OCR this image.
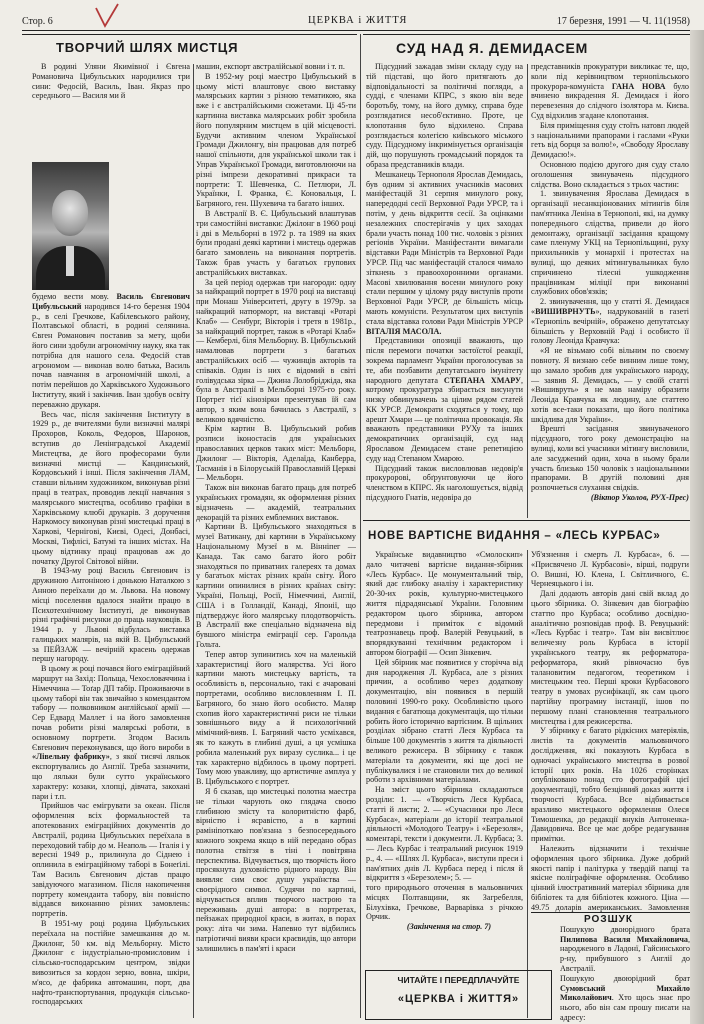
Стор. 6	ЦЕРКВА і ЖИТТЯ	17 березня, 1991 — Ч. 11(1958)
ТВОРЧИЙ ШЛЯХ МИСТЦЯ

В родині Уляни Якимівної і Євгена Романовича Цибульських народилися три сини: Федосій, Василь, Іван. Якраз про середнього — Василя ми й

будемо вести мову. Василь Євгенович Цибульський народився 14-го березня 1904 р., в селі Гречкове, Кабілевського району, Полтавської області, в родині селянина. Євген Романович поставив за мету, щоби його сини здобули агрономічну науку, яка так потрібна для нашого села. Федосій став агрономом — виконав волю батька, Василь почав навчання в агрономічній школі, а потім перейшов до Харківського Художнього Інституту, який і закінчив. Іван здобув освіту переважно друкаря.

Весь час, після закінчення Інституту в 1929 р., де вчителями були визначні малярі Прохоров, Коколь, Федоров, Шаронов, вступив до Ленінградської Академії Мистецтва, де його професорами були визначні мистці — Кандинський, Кордовський і інші. Після закінчення ЛАМ, ставши вільним художником, виконував різні праці в театрах, проводив лекції навчання з малярського мистецтва, особливо графіки в Харківському клюбі друкарів. З доручення Наркомосу виконував різні мистецькі праці в Харкові, Чернігові, Києві, Одесі, Донбасі, Москві, Тифлісі, Батумі та інших містах. На цьому відтинку праці працював аж до початку Другої Світової війни.

В 1943-му році Василь Євгенович із дружиною Антоніною і донькою Наталкою з Анною переїхали до м. Львова. На новому місці поселення вдалося знайти працю в Психотехнічному Інституті, де виконував різні графічні рисунки до праць науковців. В 1944 р. у Львові відбулась виставка галицьких малярів, на якій В. Цибульський за ПЕЙЗАЖ — вечірній красень одержав першу нагороду.

В цьому ж році почався його еміграційний маршрут на Захід: Польща, Чехословаччина і Німеччина — Тоґар ДП табір. Проживаючи в цьому таборі він так звичайно з комендантом табору — полковником англійської армії — Сер Едвард Маллет і на його замовлення почав робити різні малярські роботи, в основному портрети. Згодом Василь Євгенович переконувався, що його вироби в «Лівельну фабрику», з якої тисячі ляльок експортувались до Англії. Треба зазначити, що ляльки були сутто українського характеру: козаки, хлопці, дівчата, закохані пари і т.п.

Прийшов час емігрувати за океан. Після оформлення всіх формальностей та апотекованих еміграційних документів до Австралії, родина Цибульських переїхала в переходовий табір до м. Неаполь — Італія і у вересні 1949 р., прилинула до Сіднею і оплинила в еміграційному таборі в Бонеґілі. Там Василь Євгенович дістав працю завідуючого магазином. Після накопичення портрету коменданта табору, він повністю віддався виконанню різних замовлень: портретів.

В 1951-му році родина Цибульських переїхала на постійне замешкання до м. Джилонг, 50 км. від Мельборну. Місто Джилонг є індустріально-промисловим і сільсько-господарським центром, звідки вивозиться за кордон зерно, вовна, шкіри, м'ясо, де фабрика автомашин, порт, два нафто-транспортування, продукція сільсько-господарських

машин, експорт австралійської вовни і т. п.

В 1952-му році маестро Цибульський в цьому місті влаштовує свою виставку малярських картин з різною тематикою, яка вже і є австралійськими сюжетами. Ці 45-ти картинна виставка малярських робіт зробила його популярним мистцем в цій місцевості. Будучи активним членом Української Громади Джилонгу, він працював для потреб нашої спільноти, для української школи так і Управ Української Громади, виготовлюючи на різні імпрези декоративні прикраси та портрети: Т. Шевченка, С. Петлюри, Л. Українки, І. Франка, Є. Коновальця, І. Багряного, ген. Шухевича та багато інших.

В Австралії В. Є. Цибульський влаштував три самостійні виставки: Джілонг в 1960 році і дві в Мельборні в 1972 р. та 1989 на яких були продані деякі картини і мистець одержав багато замовлень на виконання портретів. Також брав участь у багатьох групових австралійських виставках.

За цей період одержав три нагороди: одну за найкращий портрет в 1970 році на виставці при Монаш Університеті, другу в 1979р. за найкращий натюрморт, на виставці «Ротарі Клаб» — Сенбург, Вікторія і третя в 1981р., за найкращий портрет, також в «Ротарі Клаб» — Кемберлі, біля Мельборну. В. Цибульський намалював портрети з багатьох австралійських осіб — чужинців акторів та співаків. Один із них є відомий в світі голівудська зірка — Джина Лолобріджіда, яка була в Австралії в Мельборні 1975-го року. Портрет тієї кінозірки презентував їй сам автор, з яким вона бачилась з Австралії, з великою вдячністю.

Крім картин В. Цибульський робив розписи іконостасів для українських православних церков таких міст: Мельборн, Джилонг — Вікторія, Аделаїда, Канберра, Тасманія і в Білоруській Православній Церкві — Мельборн.

Також він виконав багато праць для потреб українських громадян, як оформлення різних відзначень — академій, театральних декорацій та різних емблемних виставок.

Картини В. Цибульського знаходяться в музеї Ватикану, дві картини в Українському Національному Музеї в м. Вінніпег — Канада. Так само багато його робіт знаходяться по приватних галереях та домах у багатьох містах різних країн світу. Його картини опинилися в різних країнах світу: Україні, Польщі, Росії, Німеччині, Англії, США і в Голландії, Канаді, Японії, що підтверджує його малярську плодотворчість. В Австралії вже спеціально відзначена від бувшого міністра еміграції сер. Гарольда Гольта.

Тепер автор зупинитись хоч на маленькій характеристиці його малярства. Усі його картини мають мистецьку вартість, та особливість в, персонально, такі є ачаровані портретами, особливо висловленням І. П. Багряного, бо знаю його особисто. Маляр схопив його характеристичні риси не тільки зовнішнього виду а й психологічний мімічний-вияв. І. Багряний часто усміхався, як то кажуть в глибині душі, а ця усмішка робила маленький рух виразу суслика... і це так характерно відбилось в цьому портреті. Тому мою уважливу, що артистичне амплуа у В. Цибульського є портрет.

Я б сказав, що мистецькі полотна маестра не тільки чарують око глядача своєю глибиною змісту та колоритністю фарб, вірністю і ясравістю, а в картині рамініпоткаю пов'язана з безпосереднього кожного зокрема якщо в ній передано образ полотна ствітзя в тіні і повітряна перспектива. Відчувається, що творчість його просякнута духовністю рідного народу. Він виявляє сим своє душу українства — своєрідного символ. Судячи по картині, відчувається вплив творчого настрою та переживань душі автора: в портретах, пейзажах природної краси, в житах, в порах року: літа чи зима. Напевно тут відбились патріотичні вияви краси краєвидів, що автори залишились в пам'яті і краси

СУД НАД Я. ДЕМИДАСЕМ

Підсудний зажадав зміни складу суду на тій підставі, що його притягають до відповідальності за політичні погляди, а судді, є членами КПРС, з якою він веде боротьбу, тому, на його думку, справа буде розглядатися несоб'єктивно. Проте, це клопотання було відхилено. Справа розглядається колегією київського міського суду. Підсудному інкримінується організація дій, що порушують громадський порядок та образа представників влади.

Мешканець Тернополя Ярослав Демидась, був одним зі активних учасників масових маніфестацій 31 серпня минулого року, напередодні сесії Верховної Ради УРСР, та і потім, у день відкриття сесії. За оцінками незалежних спостерігачів у цих заходах брали участь понад 100 тис. чоловік з різних регіонів України. Маніфестанти вимагали відставки Ради Міністрів та Верховної Ради УРСР. Під час маніфестацій сталося чимало зіткнень з правоохоронними органами. Масові хвилювання восени минулого року стали першим у цілому ряду виступів проти Верховної Ради УРСР, де більшість місць мають комуністи. Результатом цих виступів стала відставка голови Ради Міністрів УРСР ВІТАЛІЯ МАСОЛА.

Представники опозиції вважають, що після перемоги початки застоїстої реакції, зокрема парламент України проголосував за те, аби позбавити депутатського імунітету народного депутата СТЕПАНА ХМАРУ, котрому прокуратура збирається висунути низку обвинувачень за цілим рядом статей КК УРСР. Демократи сходяться у тому, що арешт Хмари — це політична провокація. Як вважають представники РУХу та інших демократичних організацій, суд над Ярославом Демидасем стане репетицією суду над Степаном Хмарою.

Підсудний також висловлював недовір'я прокуророві, обґрунтовуючи це його членством в КПРС. Як наголошується, відвід підсудного Гнатів, недовіра до

представників прокуратури викликає те, що, коли під керівництвом тернопільського прокурора-комуніста ГАНА НОВА було вчинено викрадення Я. Демидася і його перевезення до слідчого ізолятора м. Києва. Суд відхилив згадане клопотання.

Біля приміщення суду стоїть натовп людей з національними прапорами і гаслами «Руки геть від борця за волю!», «Свободу Ярославу Демидасю!».

Основною подією другого дня суду стало оголошення звинувачень підсудного слідства. Воно складається з трьох частин:

1. звинувачення Ярослава Демидася в організації несанкціонованих мітингів біля пам'ятника Леніна в Тернополі, які, на думку попереднього слідства, привели до його демонтажу, організації засідання кращому саме пленуму УКЦ на Тернопільщині, руху прихильників у монархії і протестах на вулиці, що деяких мітингувальниках було спричинено тілесні ушкодження працівникам міліції при виконанні службових обов'язків;

2. звинувачення, що у статті Я. Демидася «ВИШИВРНУТЬ», надрукованій в газеті «Тернопіль вечірній», ображено депутатську більшість у Верховній Раді і особисто її голову Леоніда Кравчука:

«Я не візьмаю собі вільним по своєму повноту. Я визнаю себе винним лише тому, що замало зробив для українського народу, — заявив Я. Демидась, — у своїй статті «Вишивруть» я не мав наміру образити Леоніда Кравчука як людину, але статтею хотів все-таки показати, що його політика шкідлива для України».

Врешті засідання звинуваченого підсудного, того року демонстрацію на вулиці, коли всі учасники мітингу висловили, але засуджений один, хоча в ньому брали участь близько 150 чоловік з національними прапорами. В другій половині дня розпочнеться слухання свідків.

(Віктор Уколов, РУХ-Прес)

НОВЕ ВАРТІСНЕ ВИДАННЯ – «ЛЕСЬ КУРБАС»

Українське видавництво «Смолоскип» дало читачеві вартісне видання-збірник «Лесь Курбас». Це монументальний твір, який дає глибоку аналізу і характеристику 20-30-их років, культурно-мистецького життя підрадянської України. Головним редактором цього збірника, автором передмови і приміток є відомий театрознавець проф. Валерій Ревуцький, в впорядкуванні технічним редактором і автором біографії — Осип Зінкевич.

Цей збірник має появитися у сторічча від дня народження Л. Курбаса, але з різних причин, а особливо через додаткову документацію, він появився в першій половині 1990-го року. Особливістю цього видання є багатюща документація, що тільки робить його історично вартісним. В щільних розділах зібрано статті Леся Курбаса та більше 100 документів з життя та діяльності великого режисера. В збірнику є також матеріали та документи, які ще досі не публікувалися і не становили тих до великої роботи з архівними матеріалами.

На зміст цього збірника складаються розділи: 1. — «Творчість Леся Курбаса, статті й листи; 2. — «Сучасники про Леся Курбаса», матеріали до історії театральної діяльності «Молодого Театру» і «Березоля», коментарі, тексти і документи. Л. Курбаса; 3. — Лесь Курбас і театральний рисунок 1919 р., 4. — «Шлях Л. Курбаса», виступи преси і пам'ятних днів Л. Курбаса перед і після й відкриття з «Березолем»; 5. —

того природнього оточення в мальовничих місцях Полтавщини, як Загребелля, Білухівка, Гречкове, Варварівка з річкою Орчик.

(Закінчення на стор. 7)

Уб'язнення і смерть Л. Курбаса», 6. — «Присвячено Л. Курбасові», вірші, подруги О. Вишні, Ю. Клена, І. Світличного, Є. Чернеяцького і ін.

Далі додають авторів дані свій вклад до цього збірника. О. Зінкевич дав біографію статтю про Курбаса; особливо досвідно-аналітично розповідав проф. В. Ревуцький: «Лесь Курбас і театр». Там він висвітлює величезну роль Курбаса в історії українського театру, як реформатора-реформатора, який рівночасно був талановитим педагогом, теоретиком і мистецьким тео. Перші кроки Курбасового театру в умовах русифікації, як сам цього партійну програмну інстанції, ішов по першому плані становлення театрального мистецтва і для режисерства.

У збірнику є багато рідкісних матеріялів, листів та документів мальовничого дослідження, які показують Курбаса в одночасі українського мистецтва в розвої історії цих років. На 1026 сторінках опубліковано понад сто фотографій цієї документації, тобто безцінний доказ життя і творчості Курбаса. Все відбивається вразливо мистецького оформлення Олеся Тимошенка, до редакції внуків Антоненка-Давидовича. Все це має добре редагування примітки.

Належить відзначити і технічне оформлення цього збірника. Дуже добрий якості папір і палітурка у твердій папці та якісне поліграфічне оформлення. Особливо цінний ілюстративний матеріал збірника для бібліотек та для бібліотек кожного. Ціна — 49.75 доларів американських. Замовлення

ЧИТАЙТЕ І ПЕРЕДПЛАЧУЙТЕ
«ЦЕРКВА і ЖИТТЯ»
РОЗШУК

Пошукую двоюрідного брата Пилипова Василя Михайловича, народженого в Ладонї, Гайсинського р-ну, прибувшого з Англії до Австралії.

Пошукую двоюрідний брат Сумовський Михайло Миколайович. Хто щось знає про нього, або він сам прошу писати на адресу:
